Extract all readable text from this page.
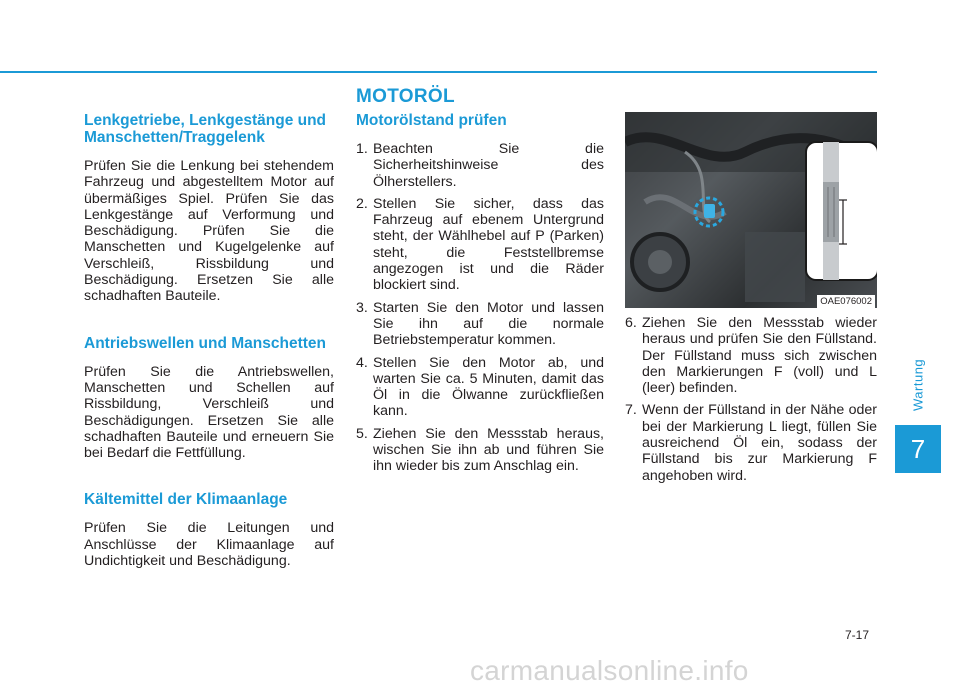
MOTORÖL
Lenkgetriebe, Lenkgestänge und Manschetten/Traggelenk

Prüfen Sie die Lenkung bei stehendem Fahrzeug und abgestelltem Motor auf übermäßiges Spiel. Prüfen Sie das Lenkgestänge auf Verformung und Beschädigung. Prüfen Sie die Manschetten und Kugelgelenke auf Verschleiß, Rissbildung und Beschädigung. Ersetzen Sie alle schadhaften Bauteile.

Antriebswellen und Manschetten

Prüfen Sie die Antriebswellen, Manschetten und Schellen auf Rissbildung, Verschleiß und Beschädigungen. Ersetzen Sie alle schadhaften Bauteile und erneuern Sie bei Bedarf die Fettfüllung.

Kältemittel der Klimaanlage

Prüfen Sie die Leitungen und Anschlüsse der Klimaanlage auf Undichtigkeit und Beschädigung.

Motorölstand prüfen
1. Beachten Sie die Sicherheitshinweise des Ölherstellers.
2. Stellen Sie sicher, dass das Fahrzeug auf ebenem Untergrund steht, der Wählhebel auf P (Parken) steht, die Feststellbremse angezogen ist und die Räder blockiert sind.
3. Starten Sie den Motor und lassen Sie ihn auf die normale Betriebstemperatur kommen.
4. Stellen Sie den Motor ab, und warten Sie ca. 5 Minuten, damit das Öl in die Ölwanne zurückfließen kann.
5. Ziehen Sie den Messstab heraus, wischen Sie ihn ab und führen Sie ihn wieder bis zum Anschlag ein.
OAE076002
6. Ziehen Sie den Messstab wieder heraus und prüfen Sie den Füllstand. Der Füllstand muss sich zwischen den Markierungen F (voll) und L (leer) befinden.
7. Wenn der Füllstand in der Nähe oder bei der Markierung L liegt, füllen Sie ausreichend Öl ein, sodass der Füllstand bis zur Markierung F angehoben wird.
Wartung
7
7-17
carmanualsonline.info
